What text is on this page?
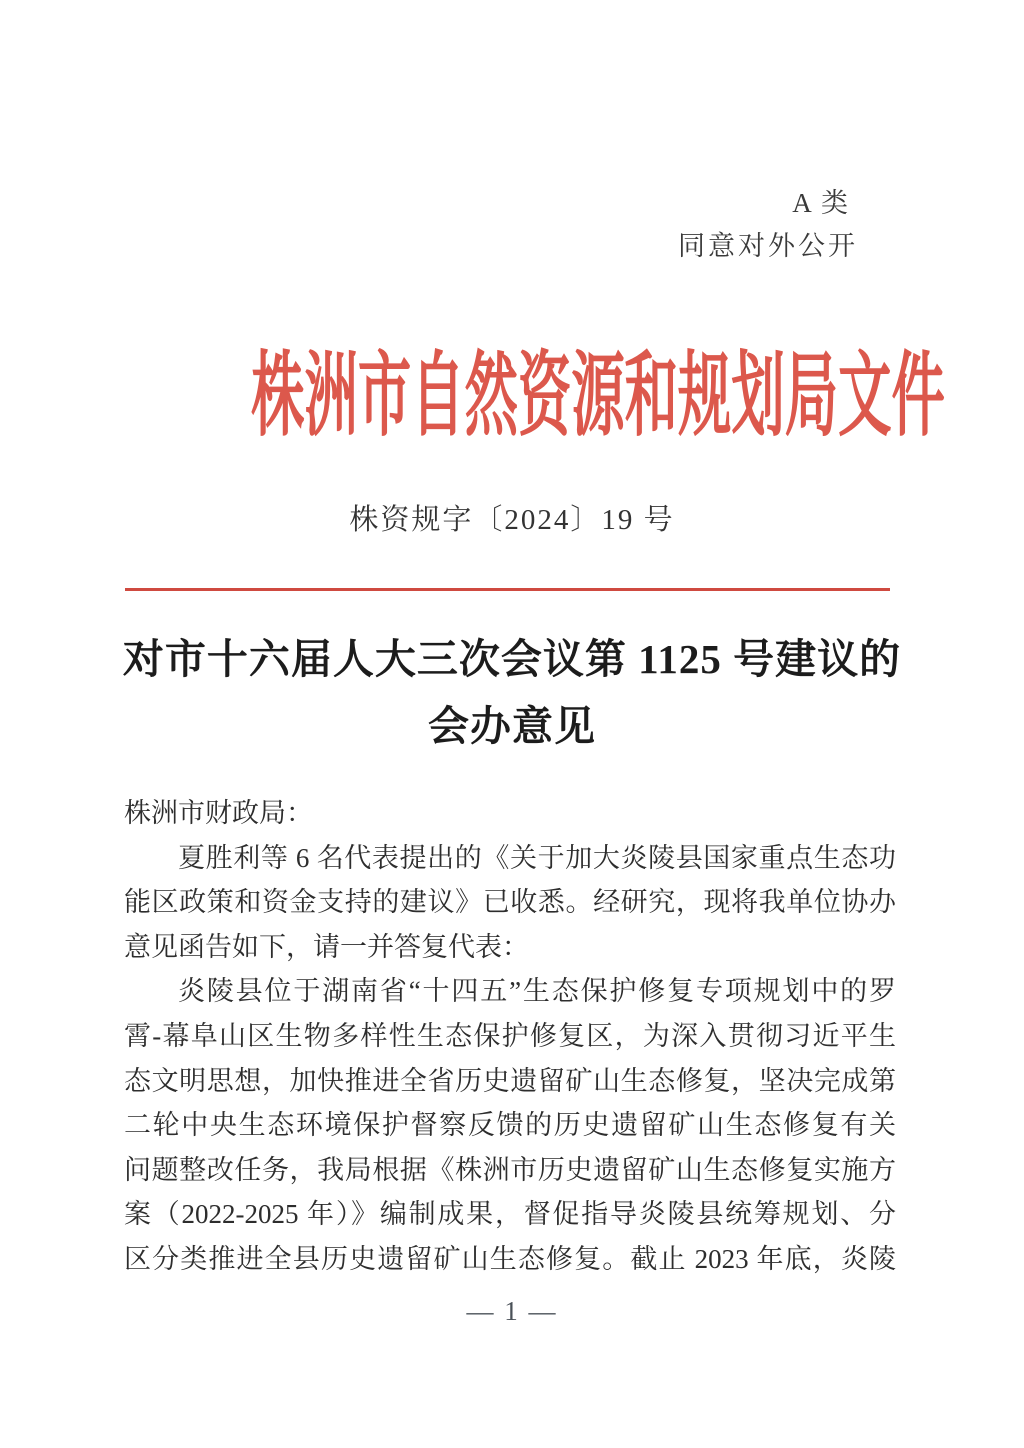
A 类
同意对外公开
株洲市自然资源和规划局文件
株资规字〔2024〕19 号
对市十六届人大三次会议第 1125 号建议的
会办意见
株洲市财政局：
夏胜利等 6 名代表提出的《关于加大炎陵县国家重点生态功
能区政策和资金支持的建议》已收悉。经研究，现将我单位协办
意见函告如下，请一并答复代表：
炎陵县位于湖南省“十四五”生态保护修复专项规划中的罗
霄-幕阜山区生物多样性生态保护修复区，为深入贯彻习近平生
态文明思想，加快推进全省历史遗留矿山生态修复，坚决完成第
二轮中央生态环境保护督察反馈的历史遗留矿山生态修复有关
问题整改任务，我局根据《株洲市历史遗留矿山生态修复实施方
案（2022-2025 年）》编制成果，督促指导炎陵县统筹规划、分
区分类推进全县历史遗留矿山生态修复。截止 2023 年底，炎陵
— 1 —
